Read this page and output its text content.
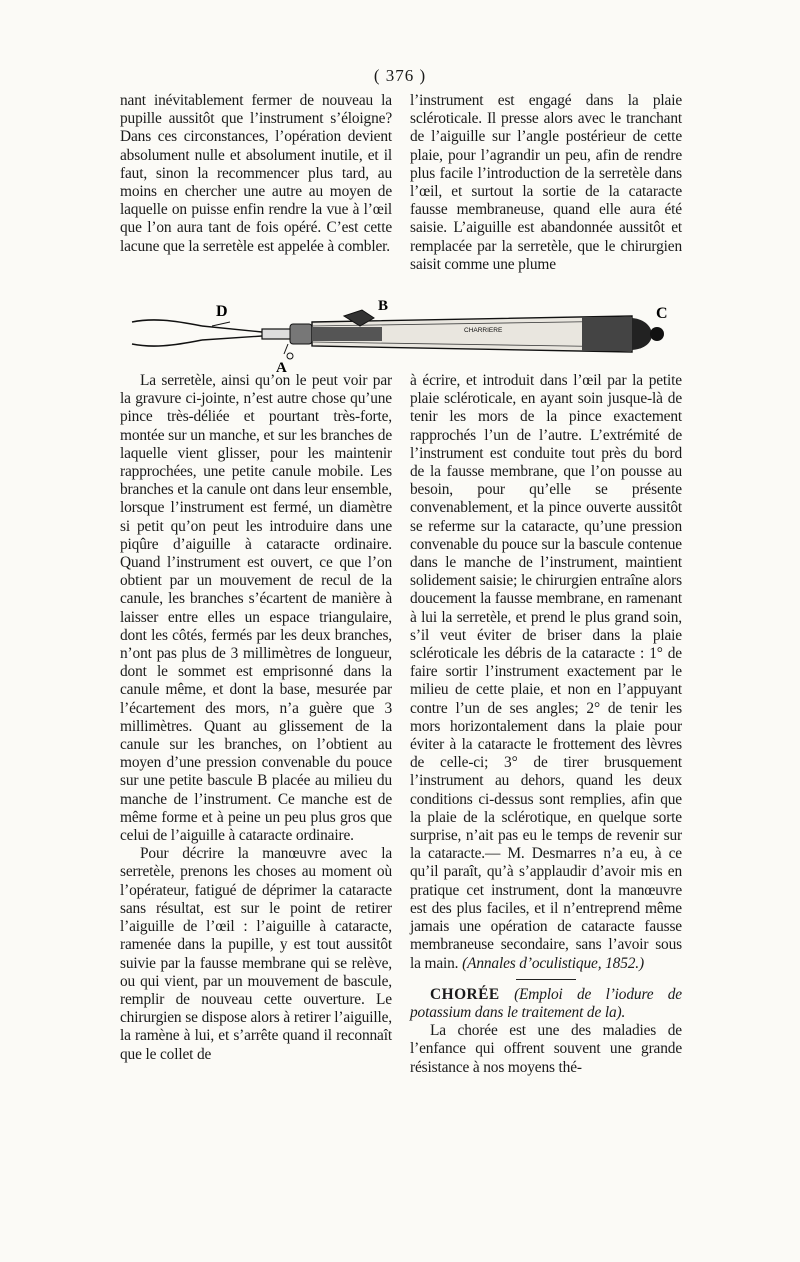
( 376 )

nant inévitablement fermer de nouveau la pupille aussitôt que l’instrument s’éloigne? Dans ces circonstances, l’opération devient absolument nulle et absolument inutile, et il faut, sinon la recommencer plus tard, au moins en chercher une autre au moyen de laquelle on puisse enfin rendre la vue à l’œil que l’on aura tant de fois opéré. C’est cette lacune que la serretèle est appelée à combler.

l’instrument est engagé dans la plaie scléroticale. Il presse alors avec le tranchant de l’aiguille sur l’angle postérieur de cette plaie, pour l’agrandir un peu, afin de rendre plus facile l’introduction de la serretèle dans l’œil, et surtout la sortie de la cataracte fausse membraneuse, quand elle aura été saisie. L’aiguille est abandonnée aussitôt et remplacée par la serretèle, que le chirurgien saisit comme une plume

D	B	C
A
CHARRIERE

La serretèle, ainsi qu’on le peut voir par la gravure ci-jointe, n’est autre chose qu’une pince très-déliée et pourtant très-forte, montée sur un manche, et sur les branches de laquelle vient glisser, pour les maintenir rapprochées, une petite canule mobile. Les branches et la canule ont dans leur ensemble, lorsque l’instrument est fermé, un diamètre si petit qu’on peut les introduire dans une piqûre d’aiguille à cataracte ordinaire. Quand l’instrument est ouvert, ce que l’on obtient par un mouvement de recul de la canule, les branches s’écartent de manière à laisser entre elles un espace triangulaire, dont les côtés, fermés par les deux branches, n’ont pas plus de 3 millimètres de longueur, dont le sommet est emprisonné dans la canule même, et dont la base, mesurée par l’écartement des mors, n’a guère que 3 millimètres. Quant au glissement de la canule sur les branches, on l’obtient au moyen d’une pression convenable du pouce sur une petite bascule B placée au milieu du manche de l’instrument. Ce manche est de même forme et à peine un peu plus gros que celui de l’aiguille à cataracte ordinaire.

Pour décrire la manœuvre avec la serretèle, prenons les choses au moment où l’opérateur, fatigué de déprimer la cataracte sans résultat, est sur le point de retirer l’aiguille de l’œil : l’aiguille à cataracte, ramenée dans la pupille, y est tout aussitôt suivie par la fausse membrane qui se relève, ou qui vient, par un mouvement de bascule, remplir de nouveau cette ouverture. Le chirurgien se dispose alors à retirer l’aiguille, la ramène à lui, et s’arrête quand il reconnaît que le collet de

à écrire, et introduit dans l’œil par la petite plaie scléroticale, en ayant soin jusque-là de tenir les mors de la pince exactement rapprochés l’un de l’autre. L’extrémité de l’instrument est conduite tout près du bord de la fausse membrane, que l’on pousse au besoin, pour qu’elle se présente convenablement, et la pince ouverte aussitôt se referme sur la cataracte, qu’une pression convenable du pouce sur la bascule contenue dans le manche de l’instrument, maintient solidement saisie; le chirurgien entraîne alors doucement la fausse membrane, en ramenant à lui la serretèle, et prend le plus grand soin, s’il veut éviter de briser dans la plaie scléroticale les débris de la cataracte : 1° de faire sortir l’instrument exactement par le milieu de cette plaie, et non en l’appuyant contre l’un de ses angles; 2° de tenir les mors horizontalement dans la plaie pour éviter à la cataracte le frottement des lèvres de celle-ci; 3° de tirer brusquement l’instrument au dehors, quand les deux conditions ci-dessus sont remplies, afin que la plaie de la sclérotique, en quelque sorte surprise, n’ait pas eu le temps de revenir sur la cataracte.— M. Desmarres n’a eu, à ce qu’il paraît, qu’à s’applaudir d’avoir mis en pratique cet instrument, dont la manœuvre est des plus faciles, et il n’entreprend même jamais une opération de cataracte fausse membraneuse secondaire, sans l’avoir sous la main. (Annales d’oculistique, 1852.)

CHORÉE (Emploi de l’iodure de potassium dans le traitement de la).

La chorée est une des maladies de l’enfance qui offrent souvent une grande résistance à nos moyens thé-
